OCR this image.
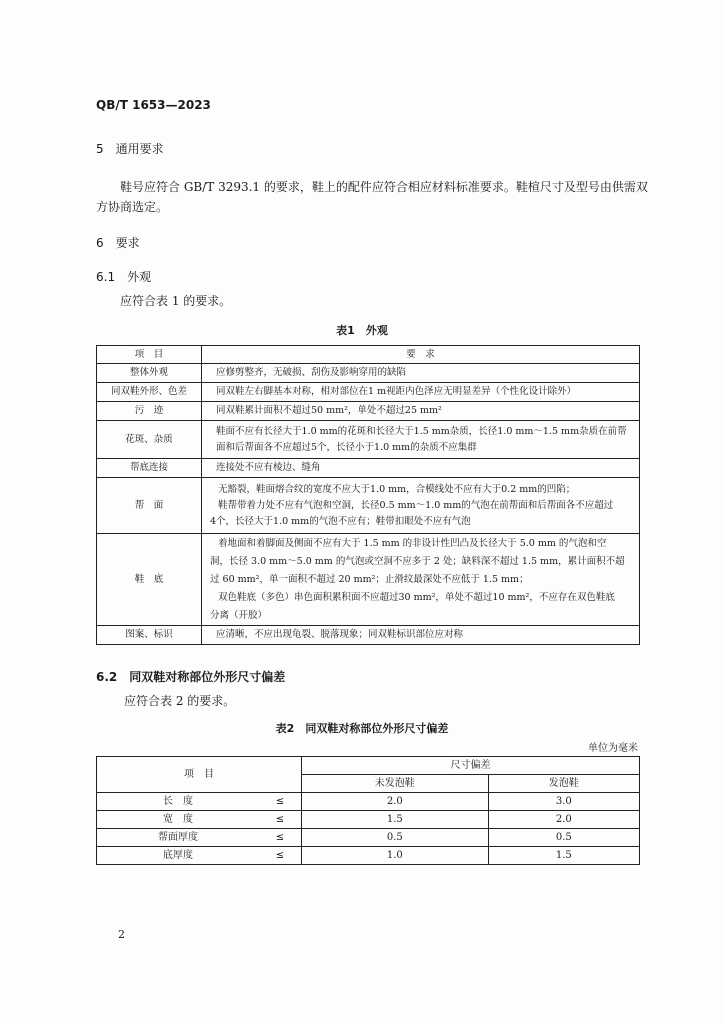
QB/T 1653—2023
5　通用要求
鞋号应符合 GB/T 3293.1 的要求，鞋上的配件应符合相应材料标准要求。鞋楦尺寸及型号由供需双
方协商选定。
6　要求
6.1　外观
应符合表 1 的要求。
表1　外观
项　目	要　求
整体外观	应修剪整齐，无破损、刮伤及影响穿用的缺陷

同双鞋外形、色差	同双鞋左右脚基本对称，相对部位在1 m视距内色泽应无明显差异（个性化设计除外）

污　迹	同双鞋累计面积不超过50 mm²，单处不超过25 mm²

花斑、杂质	鞋面不应有长径大于1.0 mm的花斑和长径大于1.5 mm杂质，长径1.0 mm～1.5 mm杂质在前帮
面和后帮面各不应超过5个，长径小于1.0 mm的杂质不应集群

帮底连接	连接处不应有棱边、缝角

帮　面	无豁裂，鞋面熔合纹的宽度不应大于1.0 mm，合模线处不应有大于0.2 mm的凹陷；
鞋帮带着力处不应有气泡和空洞，长径0.5 mm～1.0 mm的气泡在前帮面和后帮面各不应超过
4个，长径大于1.0 mm的气泡不应有；鞋带扣眼处不应有气泡

鞋　底	着地面和着脚面及侧面不应有大于 1.5 mm 的非设计性凹凸及长径大于 5.0 mm 的气泡和空
洞，长径 3.0 mm～5.0 mm 的气泡或空洞不应多于 2 处；缺料深不超过 1.5 mm，累计面积不超
过 60 mm²，单一面积不超过 20 mm²；止滑纹最深处不应低于 1.5 mm；
双色鞋底（多色）串色面积累积面不应超过30 mm²，单处不超过10 mm²，不应存在双色鞋底
分离（开胶）

图案、标识	应清晰，不应出现龟裂、脱落现象；同双鞋标识部位应对称
6.2　同双鞋对称部位外形尺寸偏差
应符合表 2 的要求。
表2　同双鞋对称部位外形尺寸偏差
单位为毫米
项　目		尺寸偏差	
		未发泡鞋	发泡鞋
长　度	≤	2.0	3.0
宽　度	≤	1.5	2.0
帮面厚度	≤	0.5	0.5
底厚度	≤	1.0	1.5
2
